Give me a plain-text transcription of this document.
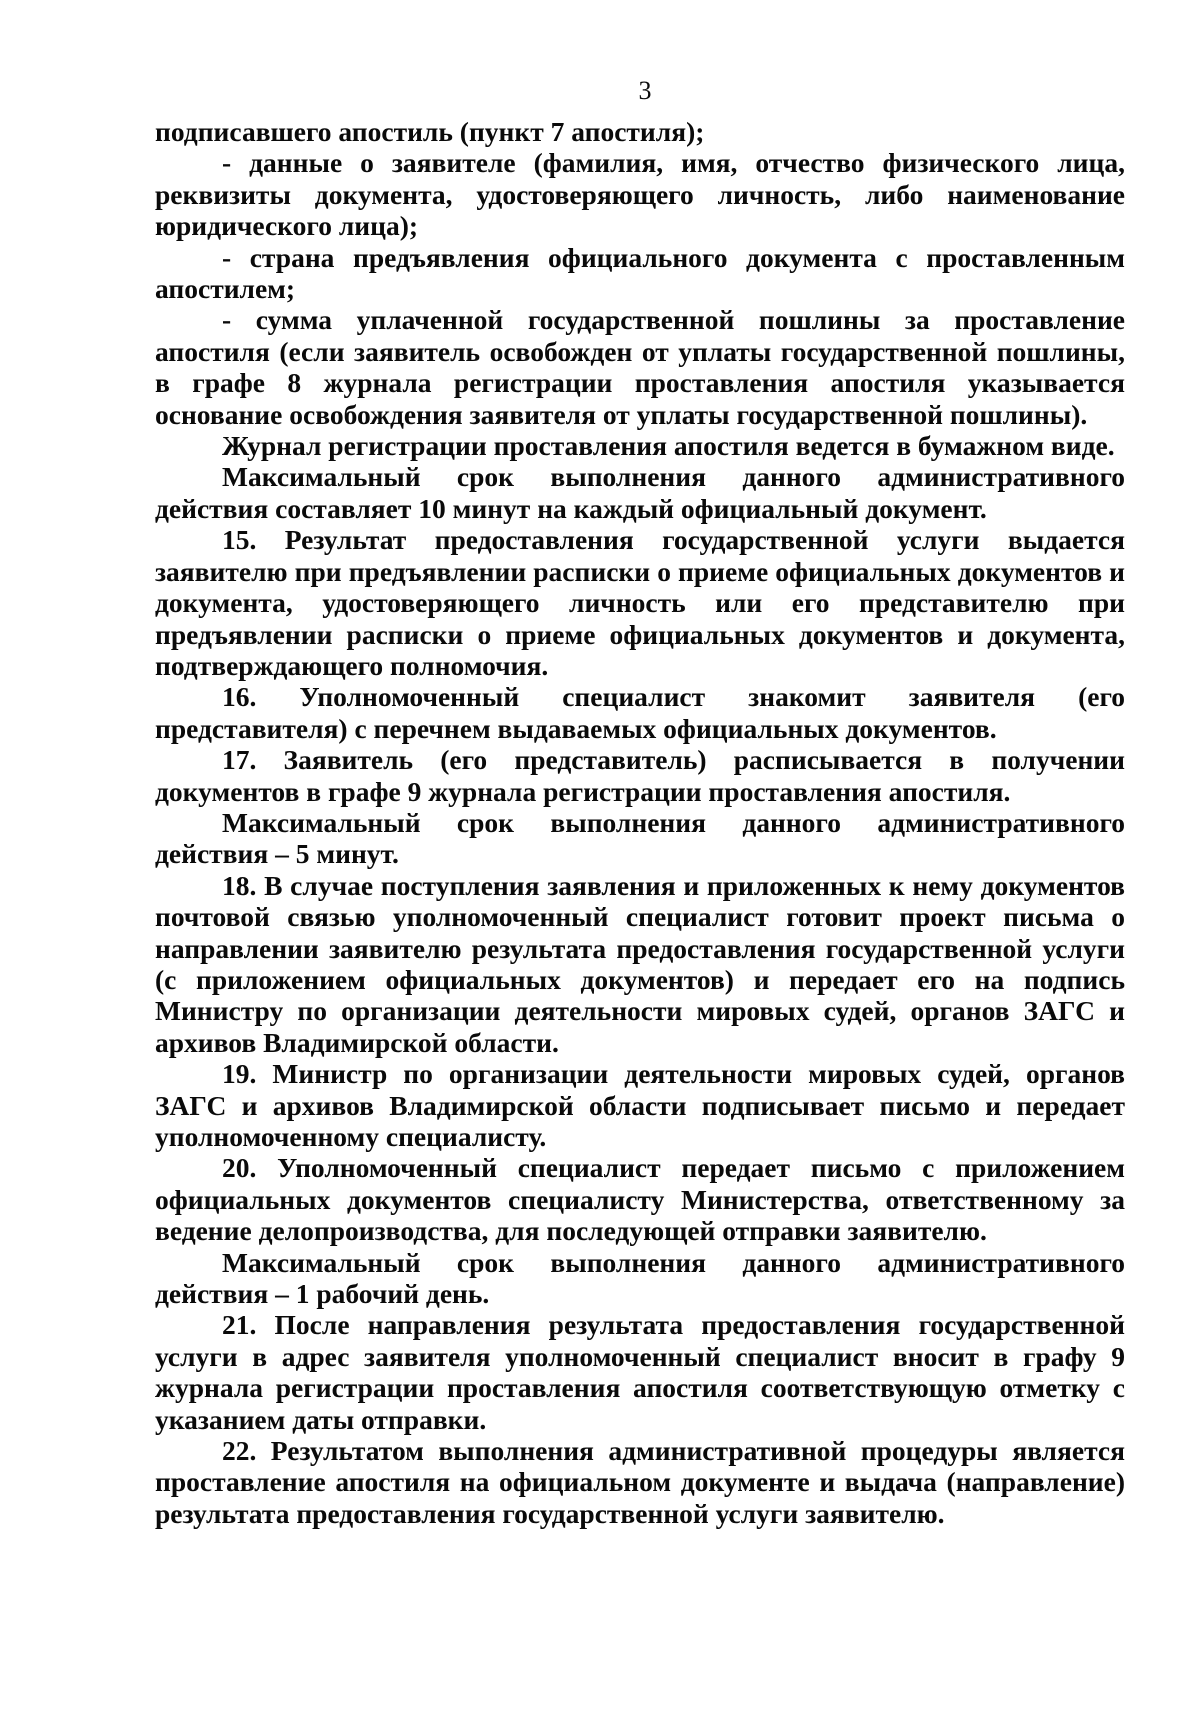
3

подписавшего апостиль (пункт 7 апостиля);

- данные о заявителе (фамилия, имя, отчество физического лица, реквизиты документа, удостоверяющего личность, либо наименование юридического лица);

- страна предъявления официального документа с проставленным апостилем;

- сумма уплаченной государственной пошлины за проставление апостиля (если заявитель освобожден от уплаты государственной пошлины, в графе 8 журнала регистрации проставления апостиля указывается основание освобождения заявителя от уплаты государственной пошлины).

Журнал регистрации проставления апостиля ведется в бумажном виде.

Максимальный срок выполнения данного административного действия составляет 10 минут на каждый официальный документ.

15. Результат предоставления государственной услуги выдается заявителю при предъявлении расписки о приеме официальных документов и документа, удостоверяющего личность или его представителю при предъявлении расписки о приеме официальных документов и документа, подтверждающего полномочия.

16. Уполномоченный специалист знакомит заявителя (его представителя) с перечнем выдаваемых официальных документов.

17. Заявитель (его представитель) расписывается в получении документов в графе 9 журнала регистрации проставления апостиля.

Максимальный срок выполнения данного административного действия – 5 минут.

18. В случае поступления заявления и приложенных к нему документов почтовой связью уполномоченный специалист готовит проект письма о направлении заявителю результата предоставления государственной услуги (с приложением официальных документов) и передает его на подпись Министру по организации деятельности мировых судей, органов ЗАГС и архивов Владимирской области.

19. Министр по организации деятельности мировых судей, органов ЗАГС и архивов Владимирской области подписывает письмо и передает уполномоченному специалисту.

20. Уполномоченный специалист передает письмо с приложением официальных документов специалисту Министерства, ответственному за ведение делопроизводства, для последующей отправки заявителю.

Максимальный срок выполнения данного административного действия – 1 рабочий день.

21. После направления результата предоставления государственной услуги в адрес заявителя уполномоченный специалист вносит в графу 9 журнала регистрации проставления апостиля соответствующую отметку с указанием даты отправки.

22. Результатом выполнения административной процедуры является проставление апостиля на официальном документе и выдача (направление) результата предоставления государственной услуги заявителю.
